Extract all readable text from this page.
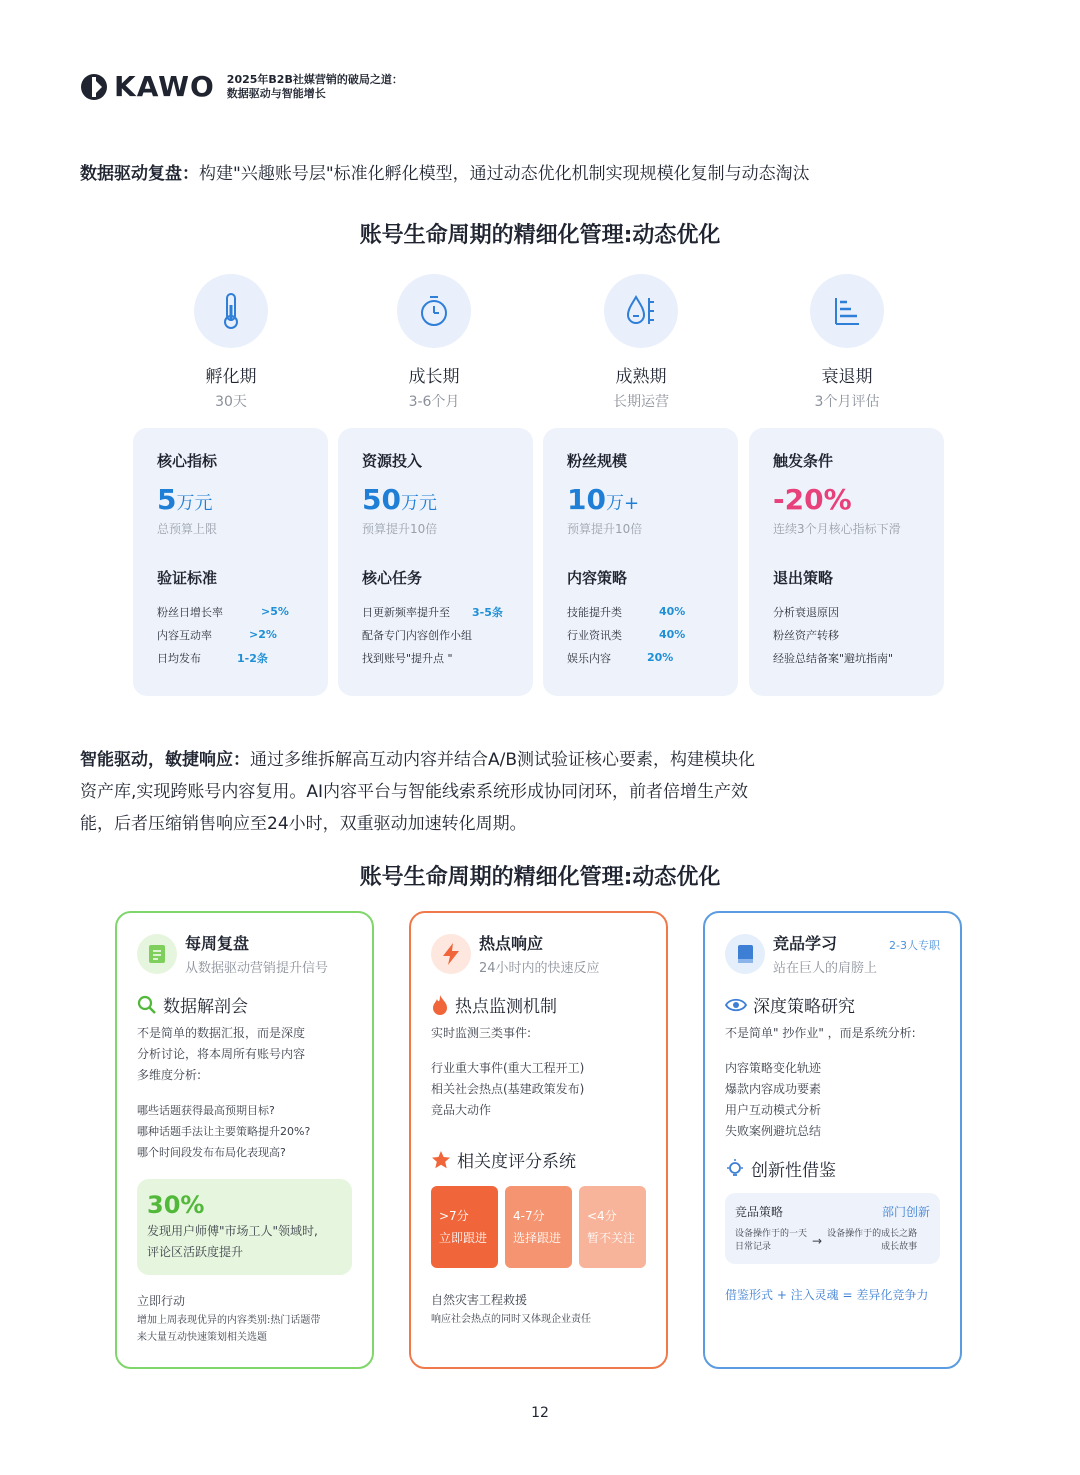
KAWO 2025年B2B社媒营销的破局之道：
数据驱动与智能增长
数据驱动复盘：构建"兴趣账号层"标准化孵化模型，通过动态优化机制实现规模化复制与动态淘汰
账号生命周期的精细化管理:动态优化
孵化期
30天
成长期
3-6个月
成熟期
长期运营
衰退期
3个月评估
核心指标
5万元
总预算上限
验证标准
粉丝日增长率	>5%
内容互动率	>2%
日均发布	1-2条
资源投入
50万元
预算提升10倍
核心任务
日更新频率提升至	3-5条
配备专门内容创作小组
找到账号"提升点 "
粉丝规模
10万+
预算提升10倍
内容策略
技能提升类	40%
行业资讯类	40%
娱乐内容	20%
触发条件
-20%
连续3个月核心指标下滑
退出策略
分析衰退原因
粉丝资产转移
经验总结备案"避坑指南"
智能驱动，敏捷响应：通过多维拆解高互动内容并结合A/B测试验证核心要素，构建模块化
资产库,实现跨账号内容复用。AI内容平台与智能线索系统形成协同闭环，前者倍增生产效
能，后者压缩销售响应至24小时，双重驱动加速转化周期。
账号生命周期的精细化管理:动态优化
每周复盘
从数据驱动营销提升信号
数据解剖会
不是简单的数据汇报，而是深度
分析讨论，将本周所有账号内容
多维度分析:
哪些话题获得最高预期目标?
哪种话题手法让主要策略提升20%?
哪个时间段发布布局化表现高?
30%
发现用户师傅"市场工人"领域时,
评论区活跃度提升
立即行动
增加上周表现优异的内容类别:热门话题带
来大量互动快速策划相关选题
热点响应
24小时内的快速反应
热点监测机制
实时监测三类事件:
行业重大事件(重大工程开工)
相关社会热点(基建政策发布)
竞品大动作
相关度评分系统
>7分
立即跟进
4-7分
选择跟进
<4分
暂不关注
自然灾害工程救援
响应社会热点的同时又体现企业责任
2-3人专职
竞品学习
站在巨人的肩膀上
深度策略研究
不是简单" 抄作业" ，而是系统分析:
内容策略变化轨迹
爆款内容成功要素
用户互动模式分析
失败案例避坑总结
创新性借鉴
竞品策略	部门创新
设备操作于的一天
日常记录	→ 设备操作于的成长之路
成长故事
借鉴形式 + 注入灵魂 = 差异化竞争力
12
